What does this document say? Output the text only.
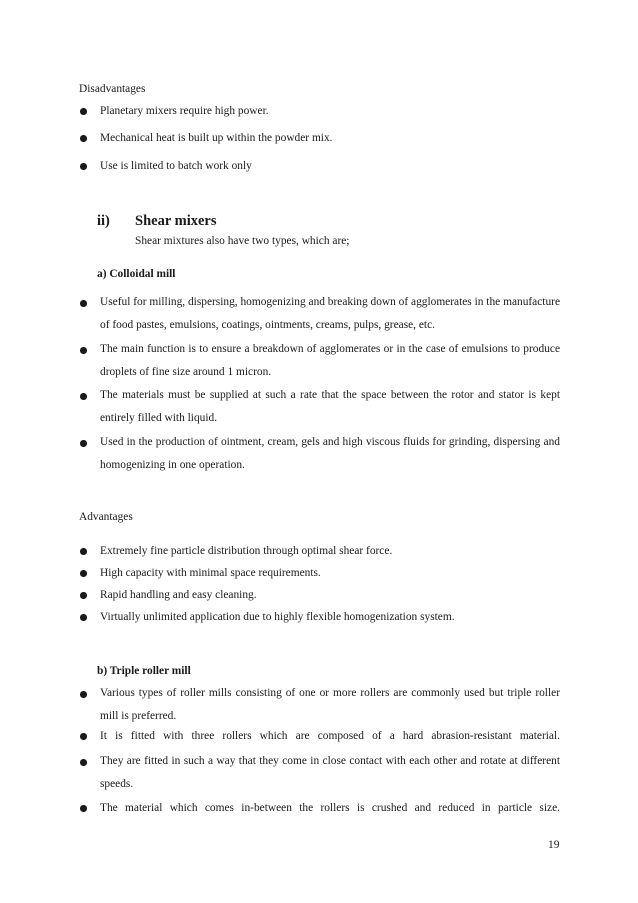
Disadvantages
Planetary mixers require high power.
Mechanical heat is built up within the powder mix.
Use is limited to batch work only
ii) Shear mixers
Shear mixtures also have two types, which are;
a) Colloidal mill
Useful for milling, dispersing, homogenizing and breaking down of agglomerates in the manufacture of food pastes, emulsions, coatings, ointments, creams, pulps, grease, etc.
The main function is to ensure a breakdown of agglomerates or in the case of emulsions to produce droplets of fine size around 1 micron.
The materials must be supplied at such a rate that the space between the rotor and stator is kept entirely filled with liquid.
Used in the production of ointment, cream, gels and high viscous fluids for grinding, dispersing and homogenizing in one operation.
Advantages
Extremely fine particle distribution through optimal shear force.
High capacity with minimal space requirements.
Rapid handling and easy cleaning.
Virtually unlimited application due to highly flexible homogenization system.
b) Triple roller mill
Various types of roller mills consisting of one or more rollers are commonly used but triple roller mill is preferred.
It is fitted with three rollers which are composed of a hard abrasion-resistant material.
They are fitted in such a way that they come in close contact with each other and rotate at different speeds.
The material which comes in-between the rollers is crushed and reduced in particle size.
19
